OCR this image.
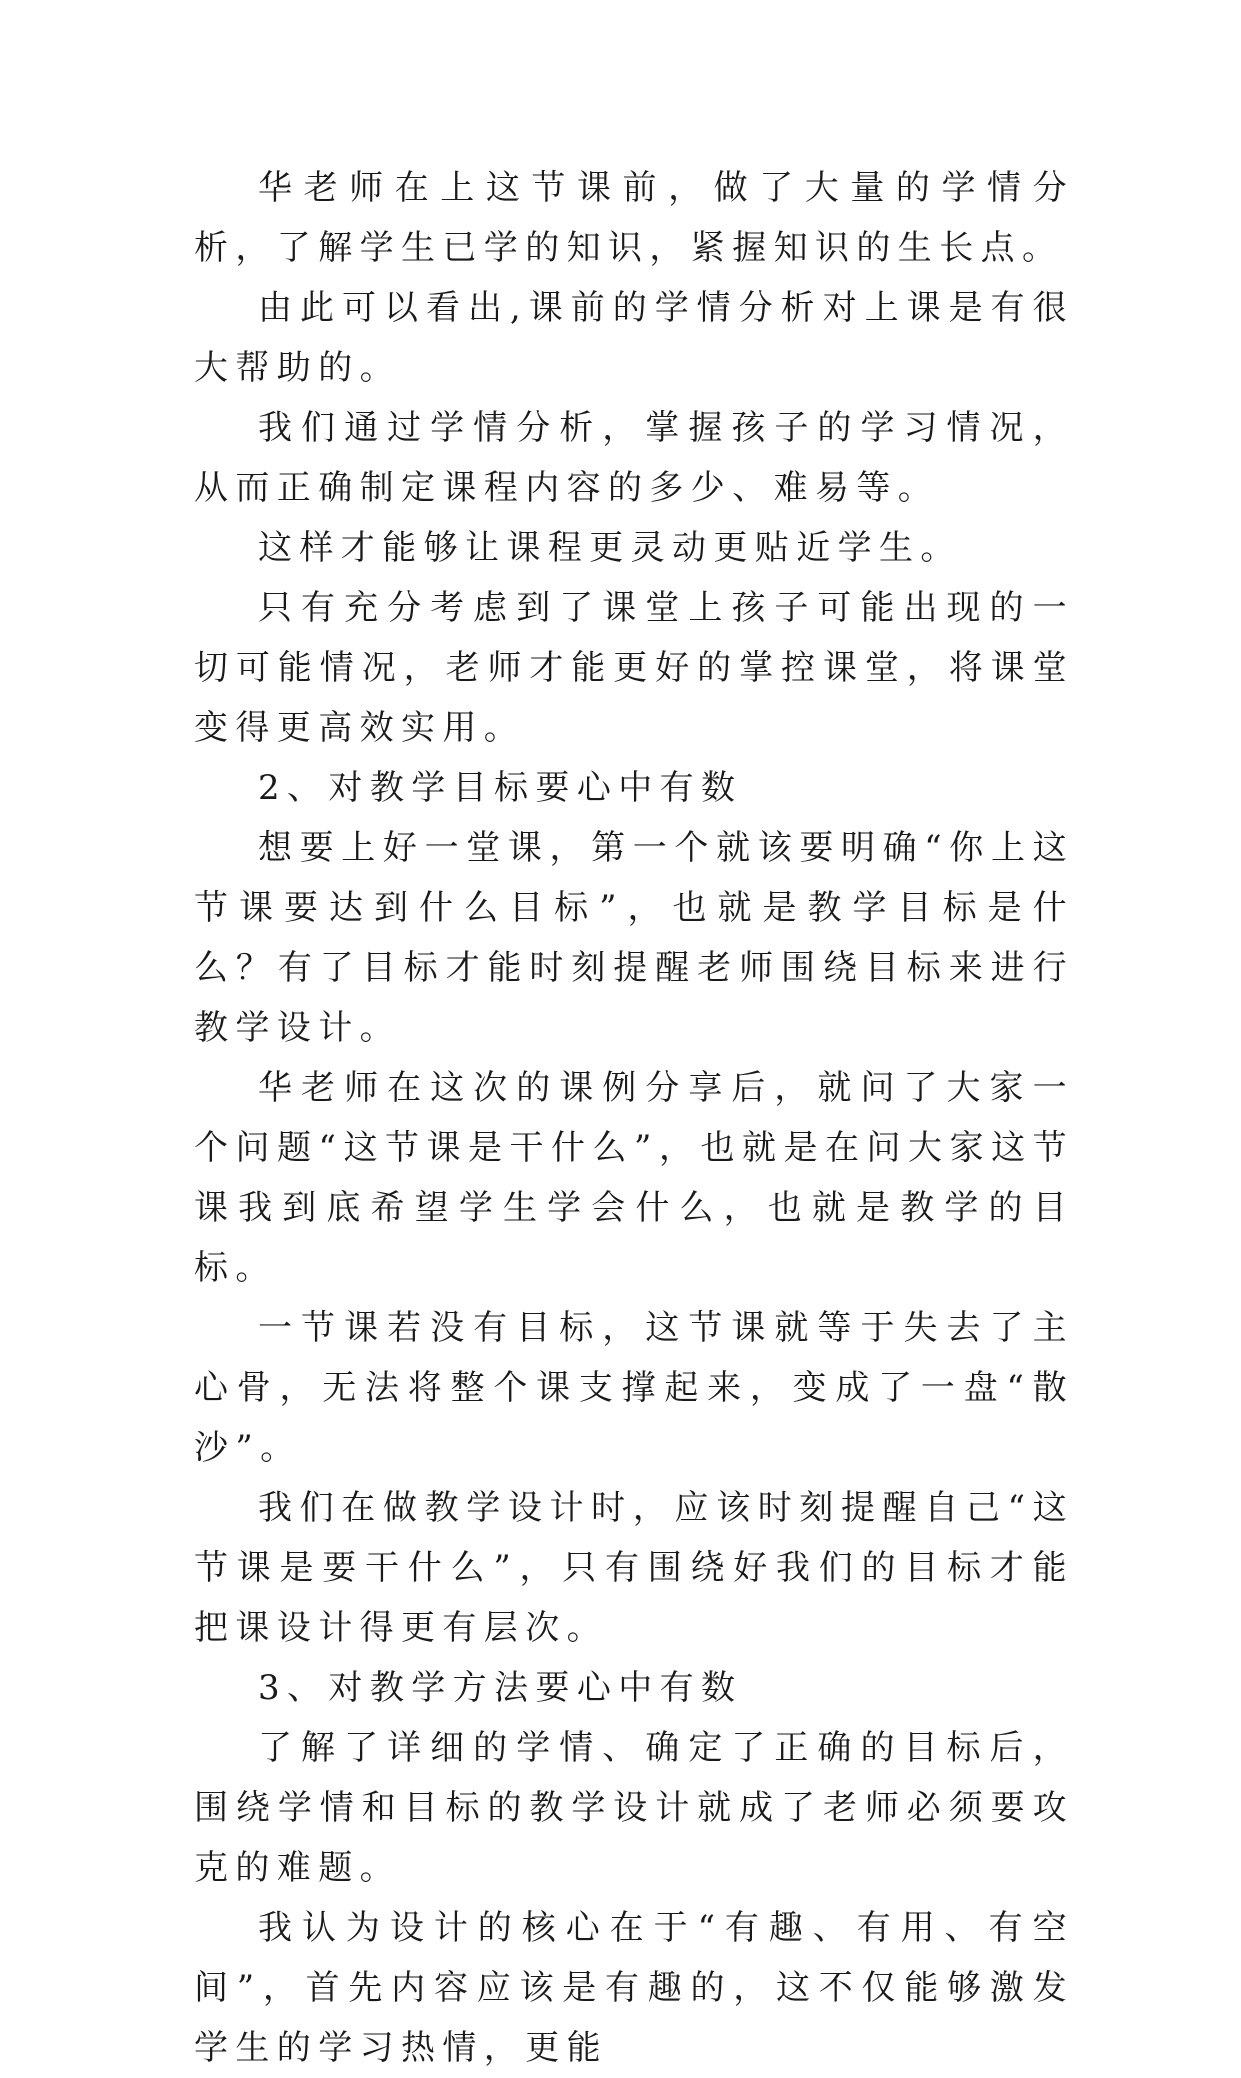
华老师在上这节课前，做了大量的学情分析，了解学生已学的知识，紧握知识的生长点。

由此可以看出,课前的学情分析对上课是有很大帮助的。

我们通过学情分析，掌握孩子的学习情况，从而正确制定课程内容的多少、难易等。

这样才能够让课程更灵动更贴近学生。

只有充分考虑到了课堂上孩子可能出现的一切可能情况，老师才能更好的掌控课堂，将课堂变得更高效实用。

2、对教学目标要心中有数

想要上好一堂课，第一个就该要明确“你上这节课要达到什么目标”，也就是教学目标是什么？有了目标才能时刻提醒老师围绕目标来进行教学设计。

华老师在这次的课例分享后，就问了大家一个问题“这节课是干什么”，也就是在问大家这节课我到底希望学生学会什么，也就是教学的目标。

一节课若没有目标，这节课就等于失去了主心骨，无法将整个课支撑起来，变成了一盘“散沙”。

我们在做教学设计时，应该时刻提醒自己“这节课是要干什么”，只有围绕好我们的目标才能把课设计得更有层次。

3、对教学方法要心中有数

了解了详细的学情、确定了正确的目标后，围绕学情和目标的教学设计就成了老师必须要攻克的难题。

我认为设计的核心在于“有趣、有用、有空间”，首先内容应该是有趣的，这不仅能够激发学生的学习热情，更能
